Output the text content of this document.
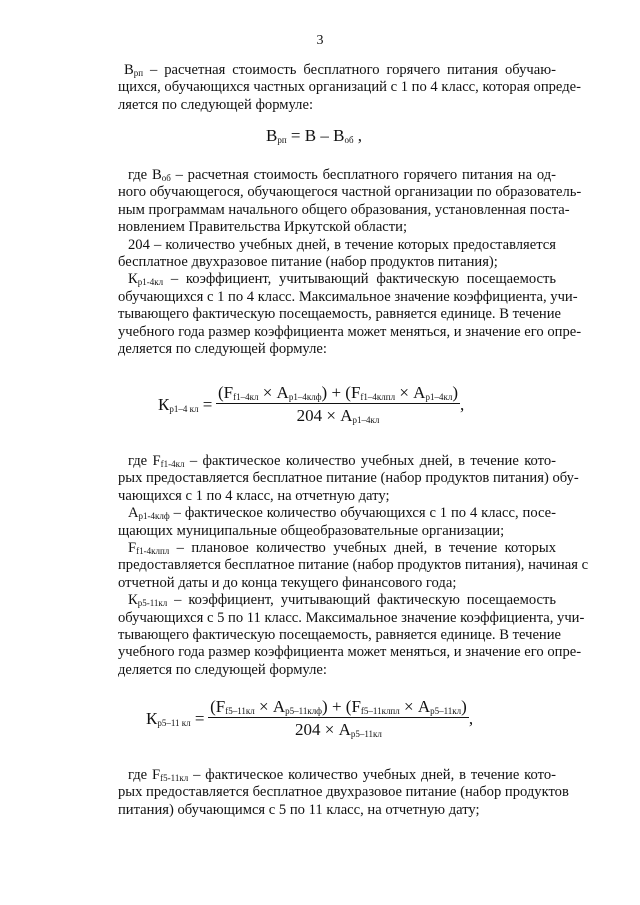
3
$В_{рп}$ – расчетная стоимость бесплатного горячего питания обучаю-
щихся, обучающихся частных организаций с 1 по 4 класс, которая опреде-
ляется по следующей формуле:
$В_{рп} = В - В_{об}$ ,
где $В_{об}$ – расчетная стоимость бесплатного горячего питания на од-
ного обучающегося, обучающегося частной организации по образователь-
ным программам начального общего образования, установленная поста-
новлением Правительства Иркутской области;
204 – количество учебных дней, в течение которых предоставляется
бесплатное двухразовое питание (набор продуктов питания);
$К_{р1-4кл}$ – коэффициент, учитывающий фактическую посещаемость
обучающихся с 1 по 4 класс. Максимальное значение коэффициента, учи-
тывающего фактическую посещаемость, равняется единице. В течение
учебного года размер коэффициента может меняться, и значение его опре-
деляется по следующей формуле:
$К_{р1-4 кл} = \frac{(F_{f1-4кл} \times А_{р1-4клф}) + (F_{f1-4клпл} \times А_{р1-4кл})}{204 \times А_{р1-4кл}}$ ,
где $F_{f1-4кл}$ – фактическое количество учебных дней, в течение кото-
рых предоставляется бесплатное питание (набор продуктов питания) обу-
чающихся с 1 по 4 класс, на отчетную дату;
$А_{р1-4клф}$ – фактическое количество обучающихся с 1 по 4 класс, посе-
щающих муниципальные общеобразовательные организации;
$F_{f1-4клпл}$ – плановое количество учебных дней, в течение которых
предоставляется бесплатное питание (набор продуктов питания), начиная с
отчетной даты и до конца текущего финансового года;
$К_{р5-11кл}$ – коэффициент, учитывающий фактическую посещаемость
обучающихся с 5 по 11 класс. Максимальное значение коэффициента, учи-
тывающего фактическую посещаемость, равняется единице. В течение
учебного года размер коэффициента может меняться, и значение его опре-
деляется по следующей формуле:
$К_{р5-11 кл} = \frac{(F_{f5-11кл} \times А_{р5-11клф}) + (F_{f5-11клпл} \times А_{р5-11кл})}{204 \times А_{р5-11кл}}$ ,
где $F_{f5-11кл}$ – фактическое количество учебных дней, в течение кото-
рых предоставляется бесплатное двухразовое питание (набор продуктов
питания) обучающимся с 5 по 11 класс, на отчетную дату;
